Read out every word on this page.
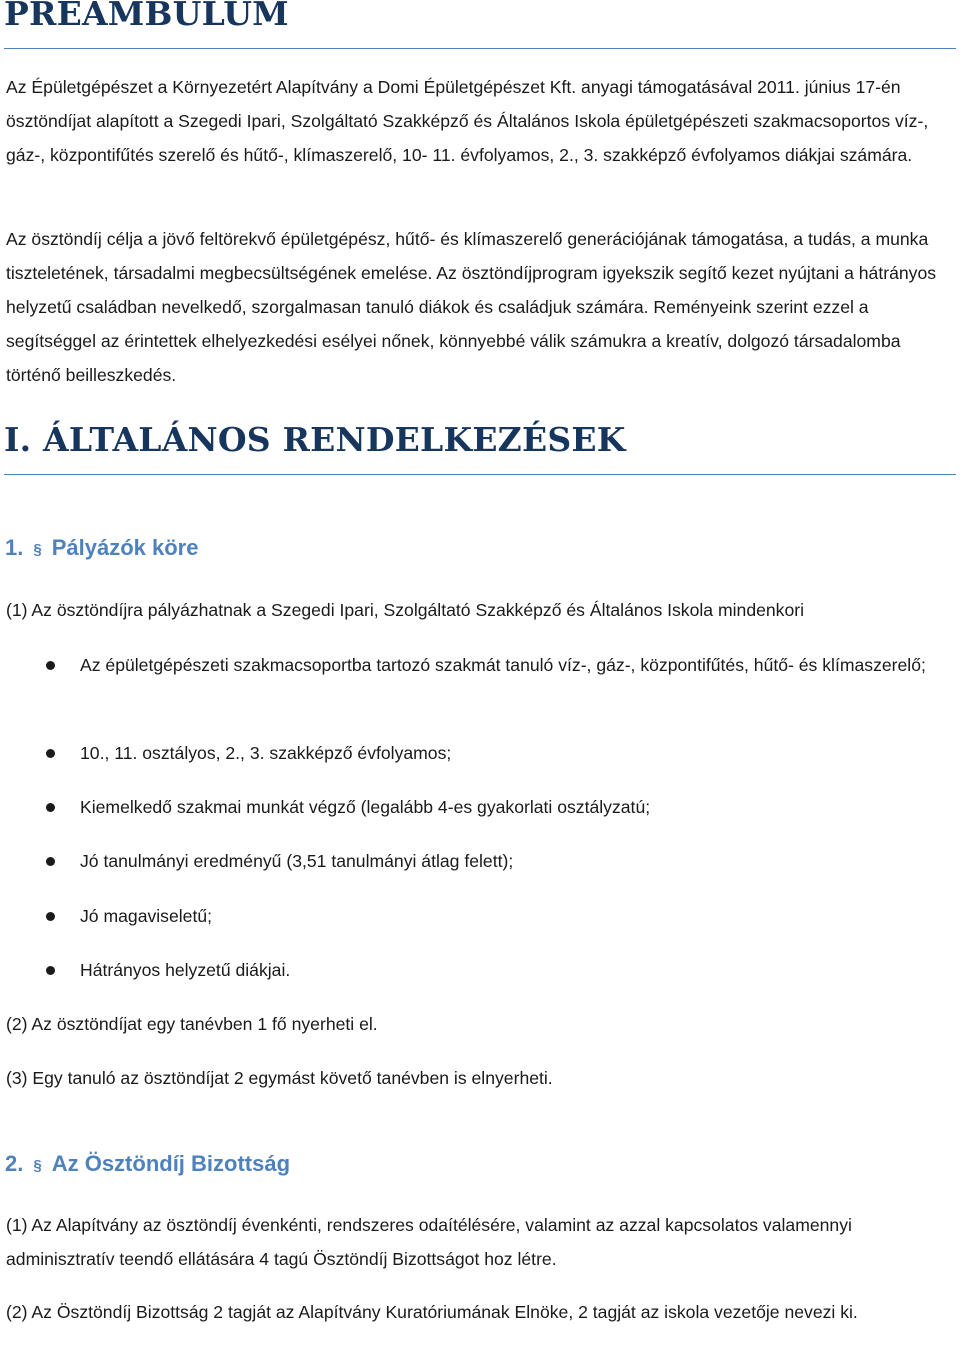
PREAMBULUM

Az Épületgépészet a Környezetért Alapítvány a Domi Épületgépészet Kft. anyagi támogatásával 2011. június 17-én ösztöndíjat alapított a Szegedi Ipari, Szolgáltató Szakképző és Általános Iskola épületgépészeti szakmacsoportos víz-, gáz-, központifűtés szerelő és hűtő-, klímaszerelő, 10- 11. évfolyamos, 2., 3. szakképző évfolyamos diákjai számára.

Az ösztöndíj célja a jövő feltörekvő épületgépész, hűtő- és klímaszerelő generációjának támogatása, a tudás, a munka tiszteletének, társadalmi megbecsültségének emelése. Az ösztöndíjprogram igyekszik segítő kezet nyújtani a hátrányos helyzetű családban nevelkedő, szorgalmasan tanuló diákok és családjuk számára. Reményeink szerint ezzel a segítséggel az érintettek elhelyezkedési esélyei nőnek, könnyebbé válik számukra a kreatív, dolgozó társadalomba történő beilleszkedés.

I. ÁLTALÁNOS RENDELKEZÉSEK
1. § Pályázók köre

(1) Az ösztöndíjra pályázhatnak a Szegedi Ipari, Szolgáltató Szakképző és Általános Iskola mindenkori

Az épületgépészeti szakmacsoportba tartozó szakmát tanuló víz-, gáz-, központifűtés, hűtő- és klímaszerelő;

10., 11. osztályos, 2., 3. szakképző évfolyamos;

Kiemelkedő szakmai munkát végző (legalább 4-es gyakorlati osztályzatú;

Jó tanulmányi eredményű (3,51 tanulmányi átlag felett);

Jó magaviseletű;

Hátrányos helyzetű diákjai.

(2) Az ösztöndíjat egy tanévben 1 fő nyerheti el.

(3) Egy tanuló az ösztöndíjat 2 egymást követő tanévben is elnyerheti.

2. § Az Ösztöndíj Bizottság

(1) Az Alapítvány az ösztöndíj évenkénti, rendszeres odaítélésére, valamint az azzal kapcsolatos valamennyi adminisztratív teendő ellátására 4 tagú Ösztöndíj Bizottságot hoz létre.

(2) Az Ösztöndíj Bizottság 2 tagját az Alapítvány Kuratóriumának Elnöke, 2 tagját az iskola vezetője nevezi ki.
